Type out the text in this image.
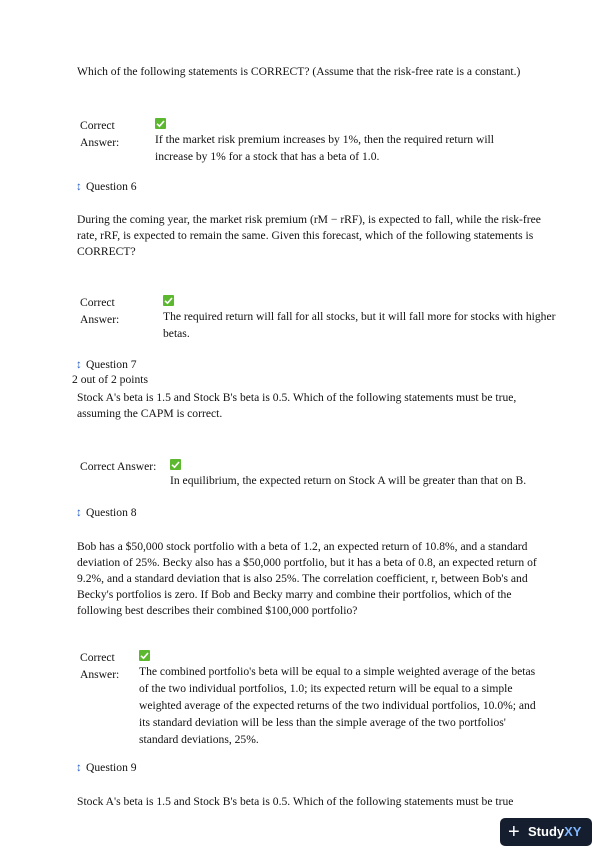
Which of the following statements is CORRECT? (Assume that the risk-free rate is a constant.)
Correct
Answer:	If the market risk premium increases by 1%, then the required return will increase by 1% for a stock that has a beta of 1.0.
↕ Question 6
During the coming year, the market risk premium (rM − rRF), is expected to fall, while the risk-free rate, rRF, is expected to remain the same. Given this forecast, which of the following statements is CORRECT?
Correct
Answer:	The required return will fall for all stocks, but it will fall more for stocks with higher betas.
↕ Question 7
2 out of 2 points
Stock A's beta is 1.5 and Stock B's beta is 0.5. Which of the following statements must be true, assuming the CAPM is correct.
Correct Answer:
In equilibrium, the expected return on Stock A will be greater than that on B.
↕ Question 8
Bob has a $50,000 stock portfolio with a beta of 1.2, an expected return of 10.8%, and a standard deviation of 25%. Becky also has a $50,000 portfolio, but it has a beta of 0.8, an expected return of 9.2%, and a standard deviation that is also 25%. The correlation coefficient, r, between Bob's and Becky's portfolios is zero. If Bob and Becky marry and combine their portfolios, which of the following best describes their combined $100,000 portfolio?
Correct
Answer: The combined portfolio's beta will be equal to a simple weighted average of the betas of the two individual portfolios, 1.0; its expected return will be equal to a simple weighted average of the expected returns of the two individual portfolios, 10.0%; and its standard deviation will be less than the simple average of the two portfolios' standard deviations, 25%.
↕ Question 9
Stock A's beta is 1.5 and Stock B's beta is 0.5. Which of the following statements must be true
+ StudyXY
